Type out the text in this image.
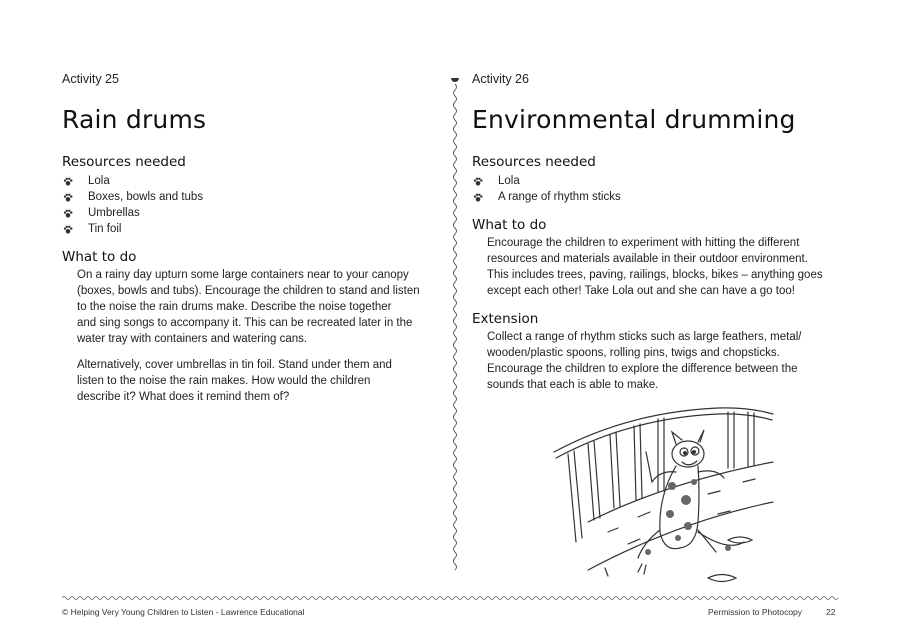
Activity 25
Rain drums
Resources needed
Lola
Boxes, bowls and tubs
Umbrellas
Tin foil
What to do
On a rainy day upturn some large containers near to your canopy
(boxes, bowls and tubs). Encourage the children to stand and listen
to the noise the rain drums make. Describe the noise together
and sing songs to accompany it. This can be recreated later in the
water tray with containers and watering cans.
Alternatively, cover umbrellas in tin foil. Stand under them and
listen to the noise the rain makes. How would the children
describe it? What does it remind them of?
Activity 26
Environmental drumming
Resources needed
Lola
A range of rhythm sticks
What to do
Encourage the children to experiment with hitting the different
resources and materials available in their outdoor environment.
This includes trees, paving, railings, blocks, bikes – anything goes
except each other! Take Lola out and she can have a go too!
Extension
Collect a range of rhythm sticks such as large feathers, metal/
wooden/plastic spoons, rolling pins, twigs and chopsticks.
Encourage the children to explore the difference between the
sounds that each is able to make.
© Helping Very Young Children to Listen - Lawrence Educational	Permission to Photocopy	22
